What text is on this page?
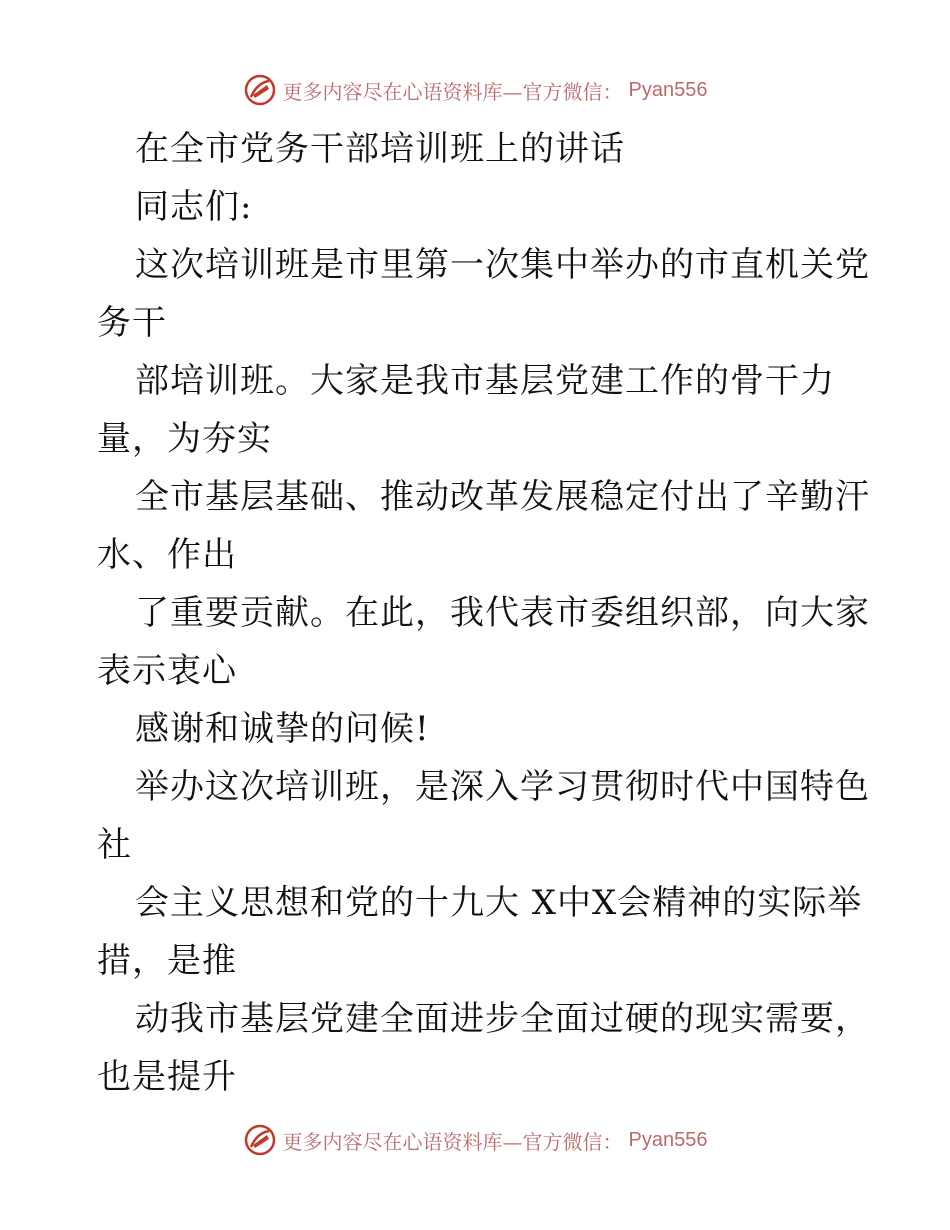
更多内容尽在心语资料库—官方微信： Pyan556
在全市党务干部培训班上的讲话
同志们:
这次培训班是市里第一次集中举办的市直机关党
务干
部培训班。大家是我市基层党建工作的骨干力
量，为夯实
全市基层基础、推动改革发展稳定付出了辛勤汗
水、作出
了重要贡献。在此，我代表市委组织部，向大家
表示衷心
感谢和诚挚的问候!
举办这次培训班，是深入学习贯彻时代中国特色
社
会主义思想和党的十九大 X中X会精神的实际举
措，是推
动我市基层党建全面进步全面过硬的现实需要，
也是提升
更多内容尽在心语资料库—官方微信： Pyan556
